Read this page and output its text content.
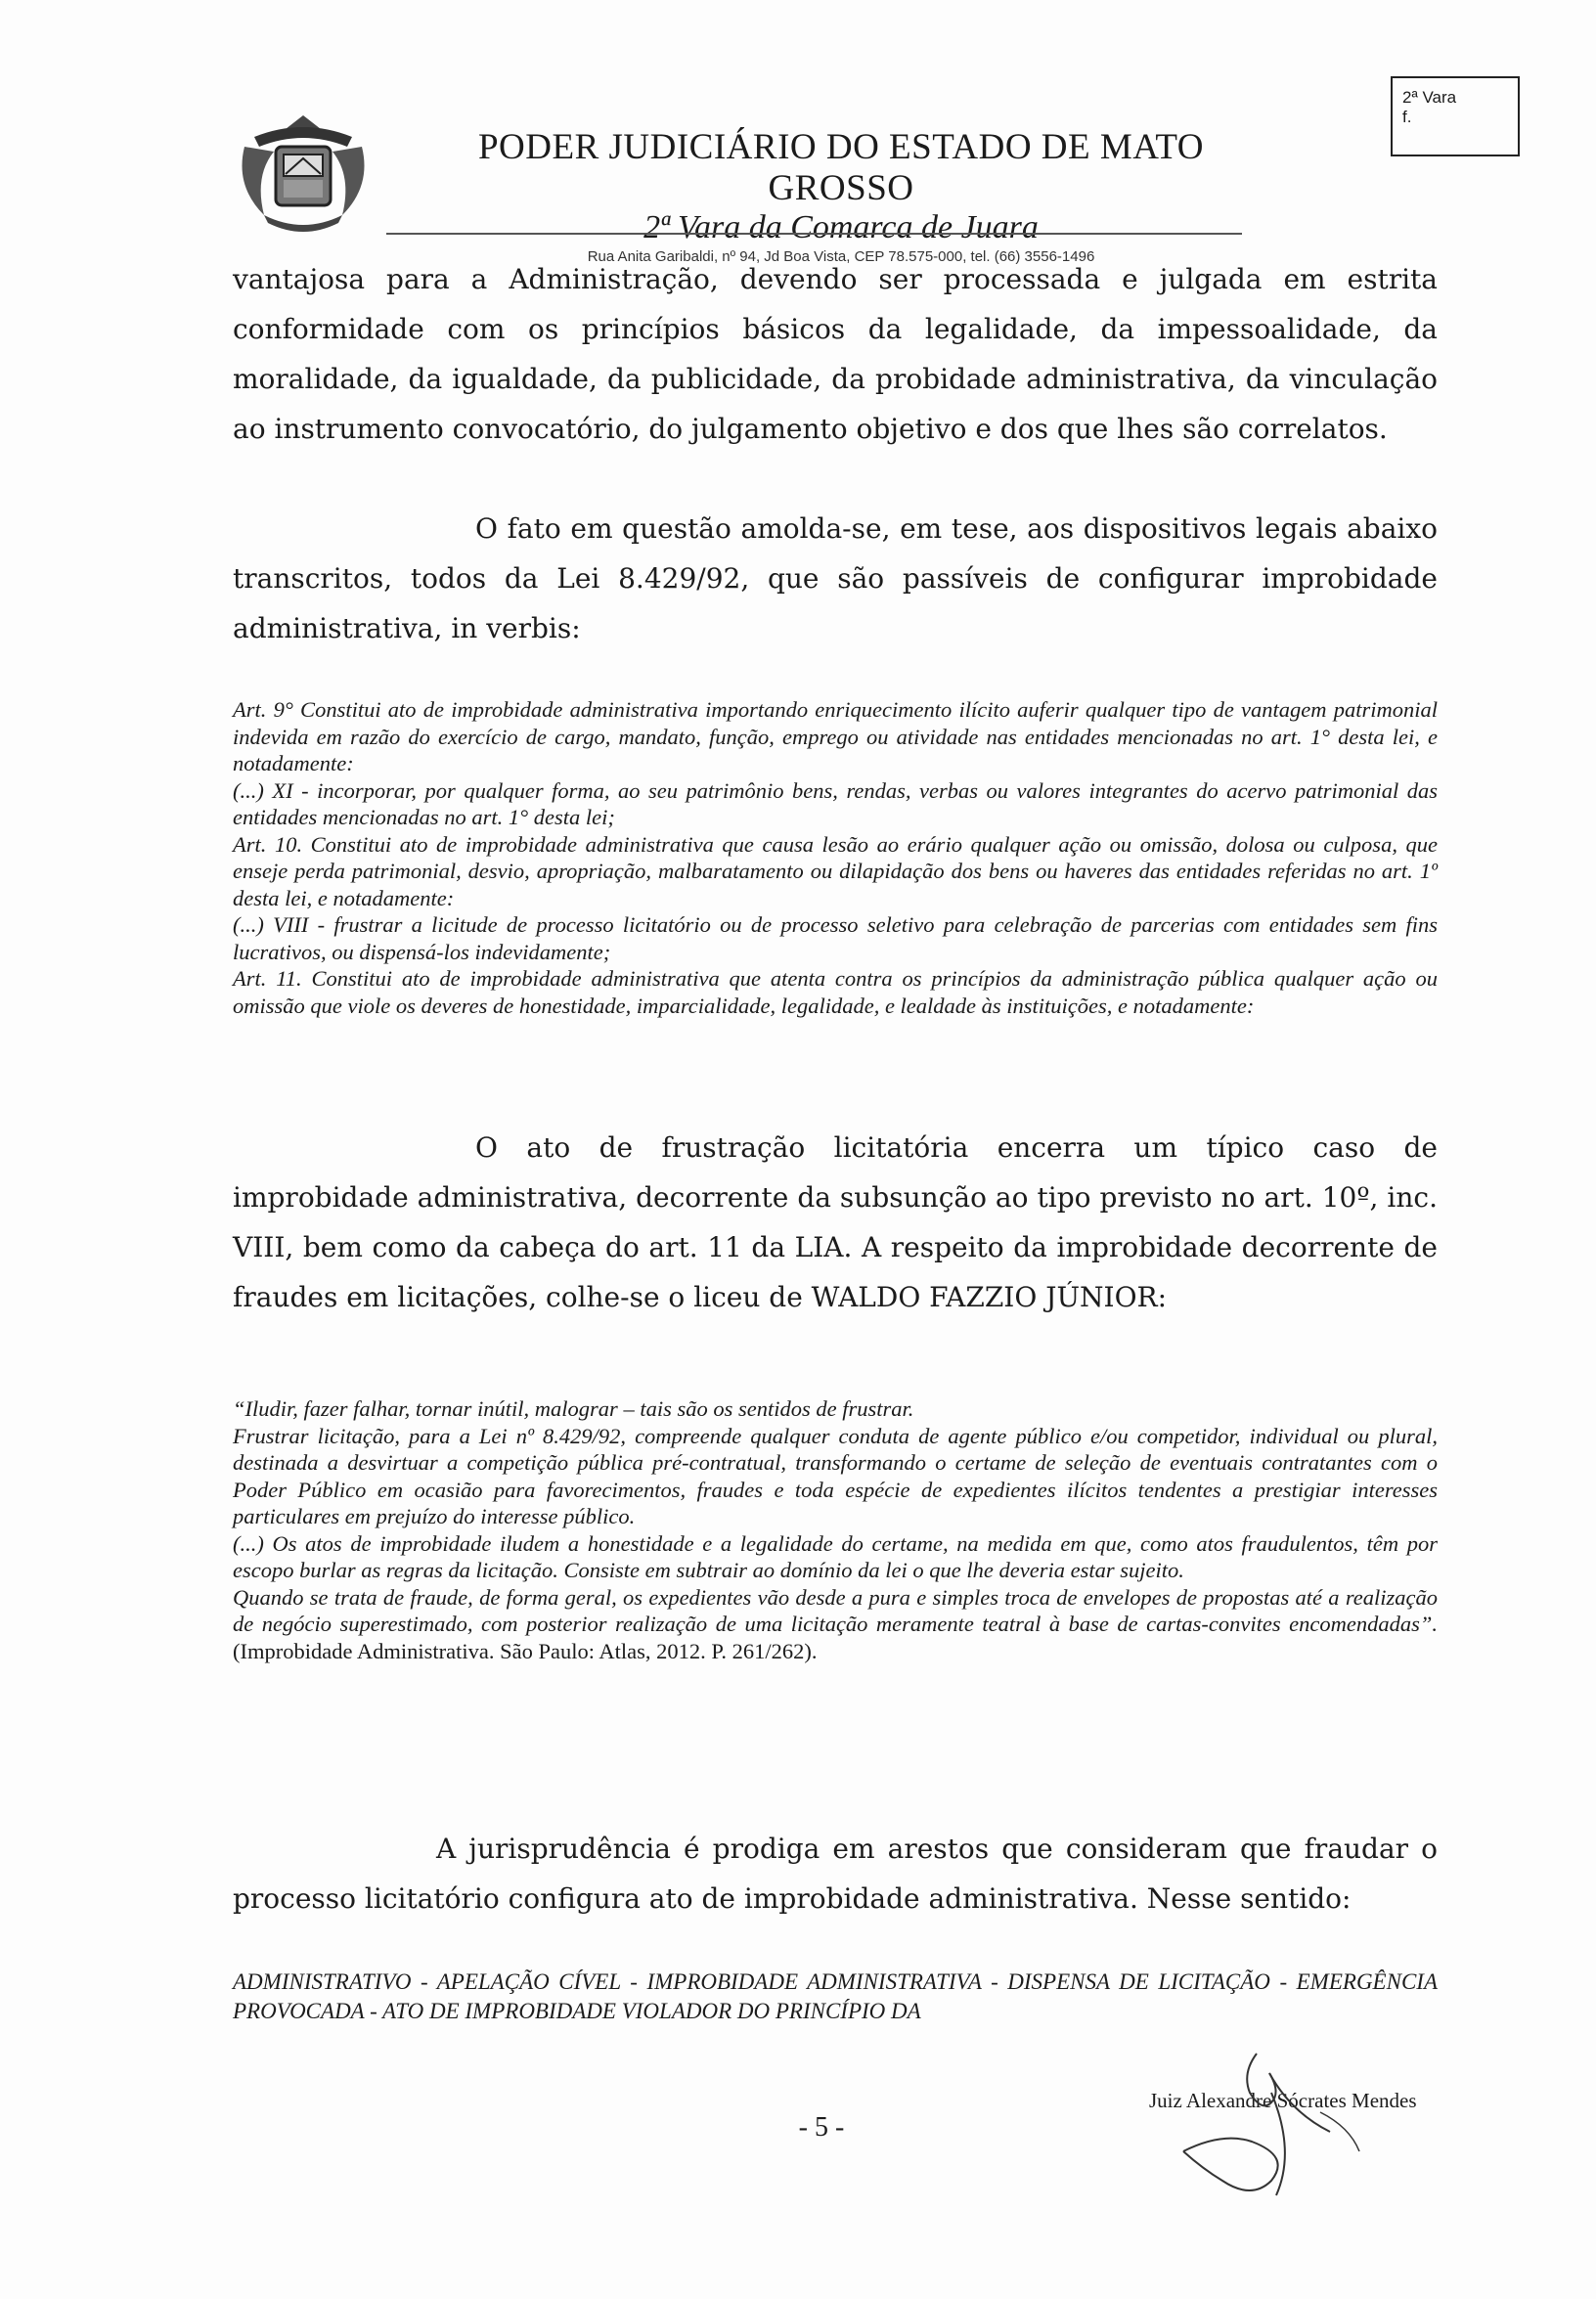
PODER JUDICIÁRIO DO ESTADO DE MATO GROSSO
2ª Vara da Comarca de Juara
Rua Anita Garibaldi, nº 94, Jd Boa Vista, CEP 78.575-000, tel. (66) 3556-1496
2ª Vara
f.
vantajosa para a Administração, devendo ser processada e julgada em estrita conformidade com os princípios básicos da legalidade, da impessoalidade, da moralidade, da igualdade, da publicidade, da probidade administrativa, da vinculação ao instrumento convocatório, do julgamento objetivo e dos que lhes são correlatos.
O fato em questão amolda-se, em tese, aos dispositivos legais abaixo transcritos, todos da Lei 8.429/92, que são passíveis de configurar improbidade administrativa, in verbis:
Art. 9° Constitui ato de improbidade administrativa importando enriquecimento ilícito auferir qualquer tipo de vantagem patrimonial indevida em razão do exercício de cargo, mandato, função, emprego ou atividade nas entidades mencionadas no art. 1° desta lei, e notadamente:
(...) XI - incorporar, por qualquer forma, ao seu patrimônio bens, rendas, verbas ou valores integrantes do acervo patrimonial das entidades mencionadas no art. 1° desta lei;
Art. 10. Constitui ato de improbidade administrativa que causa lesão ao erário qualquer ação ou omissão, dolosa ou culposa, que enseje perda patrimonial, desvio, apropriação, malbaratamento ou dilapidação dos bens ou haveres das entidades referidas no art. 1º desta lei, e notadamente:
(...) VIII - frustrar a licitude de processo licitatório ou de processo seletivo para celebração de parcerias com entidades sem fins lucrativos, ou dispensá-los indevidamente;
Art. 11. Constitui ato de improbidade administrativa que atenta contra os princípios da administração pública qualquer ação ou omissão que viole os deveres de honestidade, imparcialidade, legalidade, e lealdade às instituições, e notadamente:
O ato de frustração licitatória encerra um típico caso de improbidade administrativa, decorrente da subsunção ao tipo previsto no art. 10º, inc. VIII, bem como da cabeça do art. 11 da LIA. A respeito da improbidade decorrente de fraudes em licitações, colhe-se o liceu de WALDO FAZZIO JÚNIOR:
“Iludir, fazer falhar, tornar inútil, malograr – tais são os sentidos de frustrar.
Frustrar licitação, para a Lei nº 8.429/92, compreende qualquer conduta de agente público e/ou competidor, individual ou plural, destinada a desvirtuar a competição pública pré-contratual, transformando o certame de seleção de eventuais contratantes com o Poder Público em ocasião para favorecimentos, fraudes e toda espécie de expedientes ilícitos tendentes a prestigiar interesses particulares em prejuízo do interesse público.
(...) Os atos de improbidade iludem a honestidade e a legalidade do certame, na medida em que, como atos fraudulentos, têm por escopo burlar as regras da licitação. Consiste em subtrair ao domínio da lei o que lhe deveria estar sujeito.
Quando se trata de fraude, de forma geral, os expedientes vão desde a pura e simples troca de envelopes de propostas até a realização de negócio superestimado, com posterior realização de uma licitação meramente teatral à base de cartas-convites encomendadas”. (Improbidade Administrativa. São Paulo: Atlas, 2012. P. 261/262).
A jurisprudência é prodiga em arestos que consideram que fraudar o processo licitatório configura ato de improbidade administrativa. Nesse sentido:
ADMINISTRATIVO - APELAÇÃO CÍVEL - IMPROBIDADE ADMINISTRATIVA - DISPENSA DE LICITAÇÃO - EMERGÊNCIA PROVOCADA - ATO DE IMPROBIDADE VIOLADOR DO PRINCÍPIO DA
- 5 -
Juiz Alexandre Sócrates Mendes
